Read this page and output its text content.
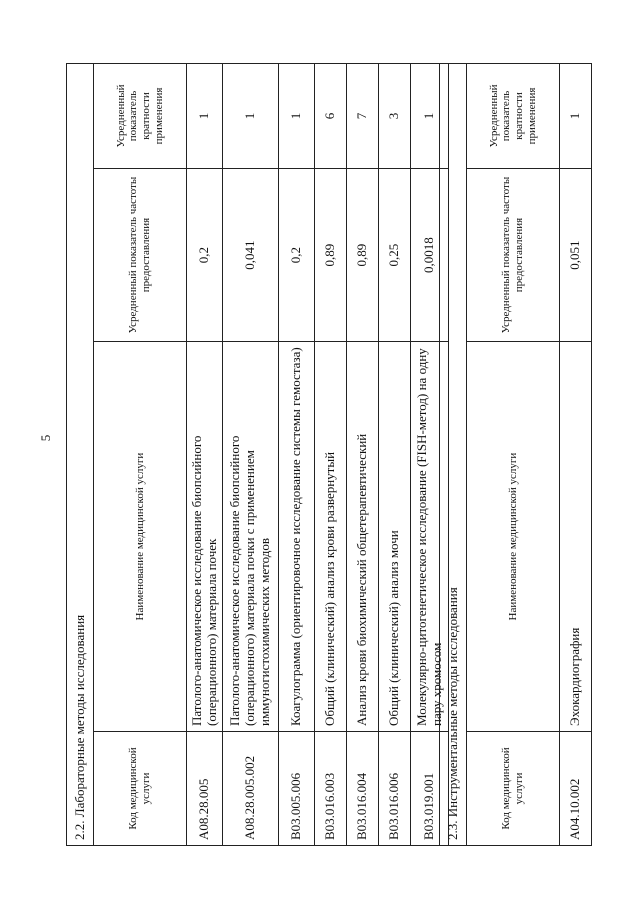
5
2.2. Лабораторные методы исследования			
Код медицинской услуги	Наименование медицинской услуги	Усредненный показатель частоты предоставления	Усредненный показатель кратности применения
A08.28.005	Патолого-анатомическое исследование биопсийного (операционного) материала почек	0,2	1
A08.28.005.002	Патолого-анатомическое исследование биопсийного (операционного) материала почки с применением иммуногистохимических методов	0,041	1
B03.005.006	Коагулограмма (ориентировочное исследование системы гемостаза)	0,2	1
B03.016.003	Общий (клинический) анализ крови развернутый	0,89	6
B03.016.004	Анализ крови биохимический общетерапевтический	0,89	7
B03.016.006	Общий (клинический) анализ мочи	0,25	3
B03.019.001	Молекулярно-цитогенетическое исследование (FISH-метод) на одну пару хромосом	0,0018	1
2.3. Инструментальные методы исследования			
Код медицинской услуги	Наименование медицинской услуги	Усредненный показатель частоты предоставления	Усредненный показатель кратности применения
A04.10.002	Эхокардиография	0,051	1
